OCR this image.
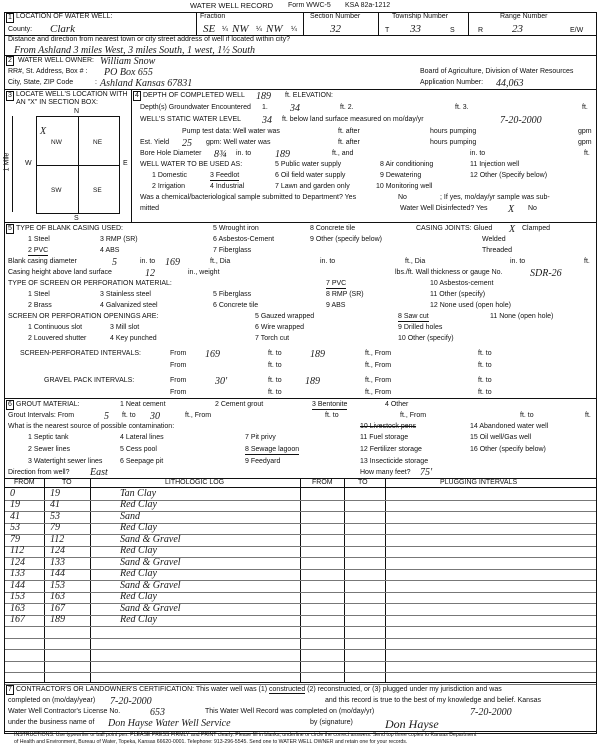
WATER WELL RECORD Form WWC-5 KSA 82a-1212
1 LOCATION OF WATER WELL:
County: Clark
Fraction
SE ¼ NW ¼ NW ¼
Section Number
32
Township Number
T 33	S
Range Number
R	23	E/W
Distance and direction from nearest town or city street address of well if located within city?
From Ashland 3 miles West, 3 miles South, 1 west, 1½ South
2 WATER WELL OWNER: William Snow
RR#, St. Address, Box # : PO Box 655
City, State, ZIP Code	: Ashland Kansas 67831
Board of Agriculture, Division of Water Resources
Application Number: 44,063
3 LOCATE WELL'S LOCATION WITH
AN "X" IN SECTION BOX:
N
S
W	E
1 Mile
NW	NE
SW	SE
X
4 DEPTH OF COMPLETED WELL 189 ft. ELEVATION:
Depth(s) Groundwater Encountered 1. 34	ft. 2.	ft. 3.	ft.
WELL'S STATIC WATER LEVEL 34 ft. below land surface measured on mo/day/yr	7-20-2000
Pump test data: Well water was	ft. after	hours pumping	gpm
Est. Yield 25 gpm: Well water was	ft. after	hours pumping	gpm
Bore Hole Diameter 8¾ in. to 189	ft., and	in. to	ft.
WELL WATER TO BE USED AS:
1 Domestic
2 Irrigation
3 Feedlot
4 Industrial
5 Public water supply
6 Oil field water supply
7 Lawn and garden only
8 Air conditioning
9 Dewatering
10 Monitoring well
11 Injection well
12 Other (Specify below)
Was a chemical/bacteriological sample submitted to Department? Yes	No	; If yes, mo/day/yr sample was sub-
mitted	Water Well Disinfected? Yes X No
5 TYPE OF BLANK CASING USED:
1 Steel
2 PVC
3 RMP (SR)
4 ABS
5 Wrought iron
6 Asbestos-Cement
7 Fiberglass
8 Concrete tile
9 Other (specify below)
CASING JOINTS: Glued X Clamped
Welded
Threaded
Blank casing diameter	5	in. to 169	ft., Dia	in. to	ft., Dia	in. to	ft.
Casing height above land surface	12	in., weight	lbs./ft. Wall thickness or gauge No.	SDR-26
TYPE OF SCREEN OR PERFORATION MATERIAL:
1 Steel
2 Brass
3 Stainless steel
4 Galvanized steel
5 Fiberglass
6 Concrete tile
7 PVC
8 RMP (SR)
9 ABS
10 Asbestos-cement
11 Other (specify)
12 None used (open hole)
SCREEN OR PERFORATION OPENINGS ARE:
1 Continuous slot
2 Louvered shutter
3 Mill slot
4 Key punched
5 Gauzed wrapped
6 Wire wrapped
7 Torch cut
8 Saw cut
9 Drilled holes
10 Other (specify)
11 None (open hole)
SCREEN-PERFORATED INTERVALS:	From 169	ft. to	189	ft., From	ft. to
From	ft. to	ft., From	ft. to
GRAVEL PACK INTERVALS:	From	30'	ft. to 189	ft., From	ft. to
From	ft. to	ft., From	ft. to
6 GROUT MATERIAL:	1 Neat cement	2 Cement grout	3 Bentonite	4 Other
Grout Intervals: From	5 ft. to 30	ft., From	ft. to	ft., From	ft. to	ft.
What is the nearest source of possible contamination:
1 Septic tank
2 Sewer lines
3 Watertight sewer lines
4 Lateral lines
5 Cess pool
6 Seepage pit
7 Pit privy
8 Sewage lagoon
9 Feedyard
10 Livestock pens
11 Fuel storage
12 Fertilizer storage
13 Insecticide storage
14 Abandoned water well
15 Oil well/Gas well
16 Other (specify below)
Direction from well? East	How many feet? 75'
FROM	TO	LITHOLOGIC LOG	FROM	TO	PLUGGING INTERVALS
0	19	Tan Clay
19	41	Red Clay
41	53	Sand
53	79	Red Clay
79	112	Sand & Gravel
112	124	Red Clay
124	133	Sand & Gravel
133	144	Red Clay
144	153	Sand & Gravel
153	163	Red Clay
163	167	Sand & Gravel
167	189	Red Clay
7 CONTRACTOR'S OR LANDOWNER'S CERTIFICATION: This water well was (1) constructed (2) reconstructed, or (3) plugged under my jurisdiction and was
completed on (mo/day/year) 7-20-2000	and this record is true to the best of my knowledge and belief. Kansas
Water Well Contractor's License No.	653	This Water Well Record was completed on (mo/day/yr)	7-20-2000
under the business name of Don Hayse Water Well Service	by (signature)	Don Hayse
INSTRUCTIONS: Use typewriter or ball point pen. PLEASE PRESS FIRMLY and PRINT clearly. Please fill in blanks, underline or circle the correct answers. Send top three copies to Kansas Department
of Health and Environment, Bureau of Water, Topeka, Kansas 66620-0001. Telephone: 913-296-5545. Send one to WATER WELL OWNER and retain one for your records.
